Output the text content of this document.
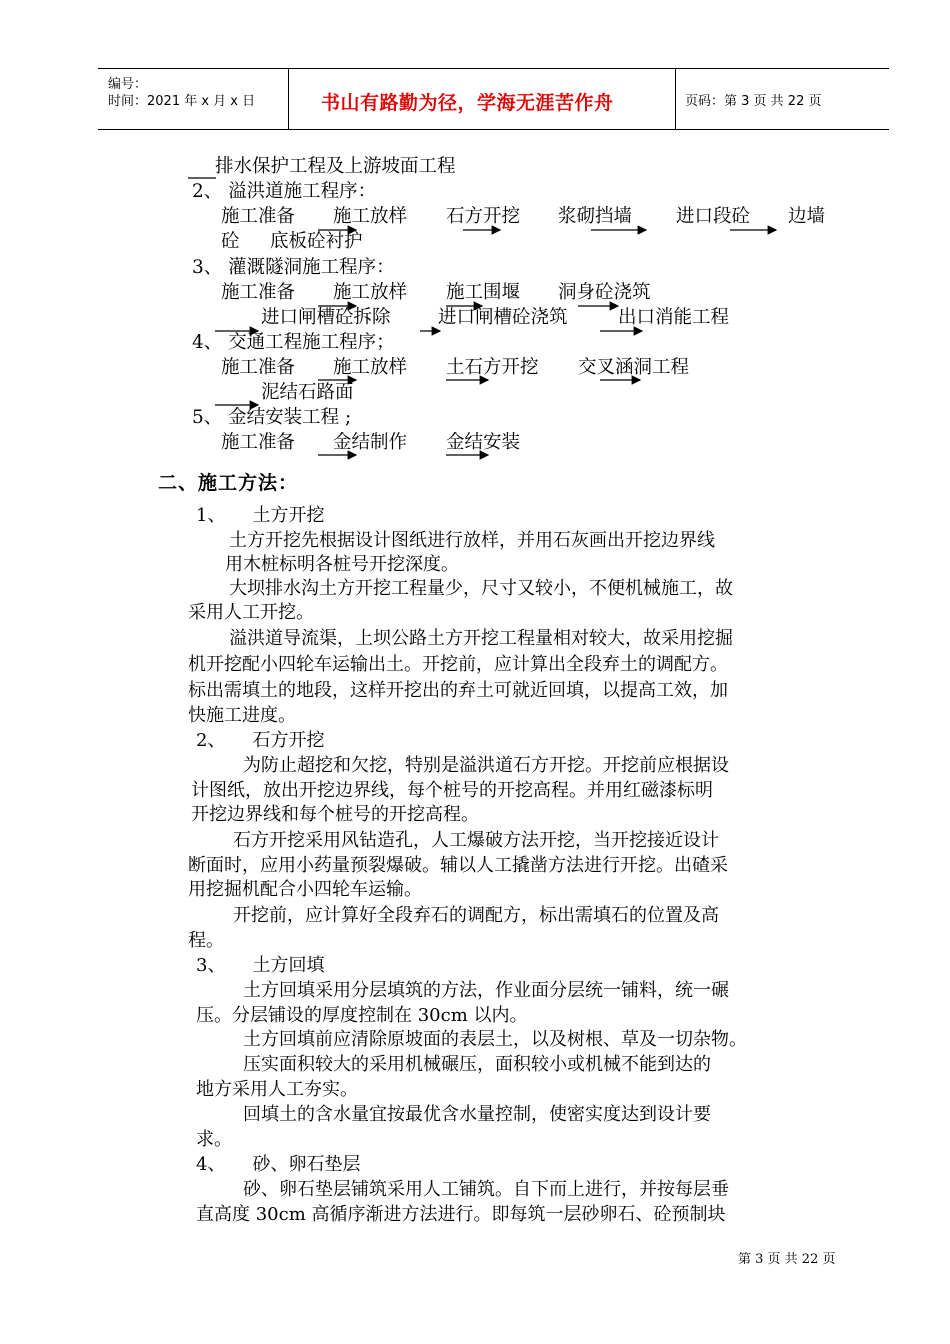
编号：
时间：2021 年 x 月 x 日	书山有路勤为径，学海无涯苦作舟	页码：第 3 页 共 22 页
排水保护工程及上游坡面工程
2、 溢洪道施工程序：
施工准备 施工放样 石方开挖 浆砌挡墙 进口段砼 边墙
砼 底板砼衬护
3、 灌溉隧洞施工程序：
施工准备 施工放样 施工围堰 洞身砼浇筑
进口闸槽砼拆除	进口闸槽砼浇筑	出口消能工程
4、 交通工程施工程序；
施工准备 施工放样 土石方开挖 交叉涵洞工程
泥结石路面
5、 金结安装工程 ;
施工准备 金结制作 金结安装
二、施工方法：
1、　　土方开挖
土方开挖先根据设计图纸进行放样，并用石灰画出开挖边界线
用木桩标明各桩号开挖深度。
大坝排水沟土方开挖工程量少，尺寸又较小，不便机械施工，故
采用人工开挖。
溢洪道导流渠，上坝公路土方开挖工程量相对较大，故采用挖掘
机开挖配小四轮车运输出土。开挖前，应计算出全段弃土的调配方。
标出需填土的地段，这样开挖出的弃土可就近回填，以提高工效，加
快施工进度。
2、　　石方开挖
为防止超挖和欠挖，特别是溢洪道石方开挖。开挖前应根据设
计图纸，放出开挖边界线，每个桩号的开挖高程。并用红磁漆标明
开挖边界线和每个桩号的开挖高程。
石方开挖采用风钻造孔，人工爆破方法开挖，当开挖接近设计
断面时，应用小药量预裂爆破。辅以人工撬凿方法进行开挖。出碴采
用挖掘机配合小四轮车运输。
开挖前，应计算好全段弃石的调配方，标出需填石的位置及高
程。
3、　　土方回填
土方回填采用分层填筑的方法，作业面分层统一铺料，统一碾
压。分层铺设的厚度控制在 30cm 以内。
土方回填前应清除原坡面的表层土，以及树根、草及一切杂物。
压实面积较大的采用机械碾压，面积较小或机械不能到达的
地方采用人工夯实。
回填土的含水量宜按最优含水量控制，使密实度达到设计要
求。
4、　　砂、卵石垫层
砂、卵石垫层铺筑采用人工铺筑。自下而上进行，并按每层垂
直高度 30cm 高循序渐进方法进行。即每筑一层砂卵石、砼预制块
第 3 页 共 22 页
